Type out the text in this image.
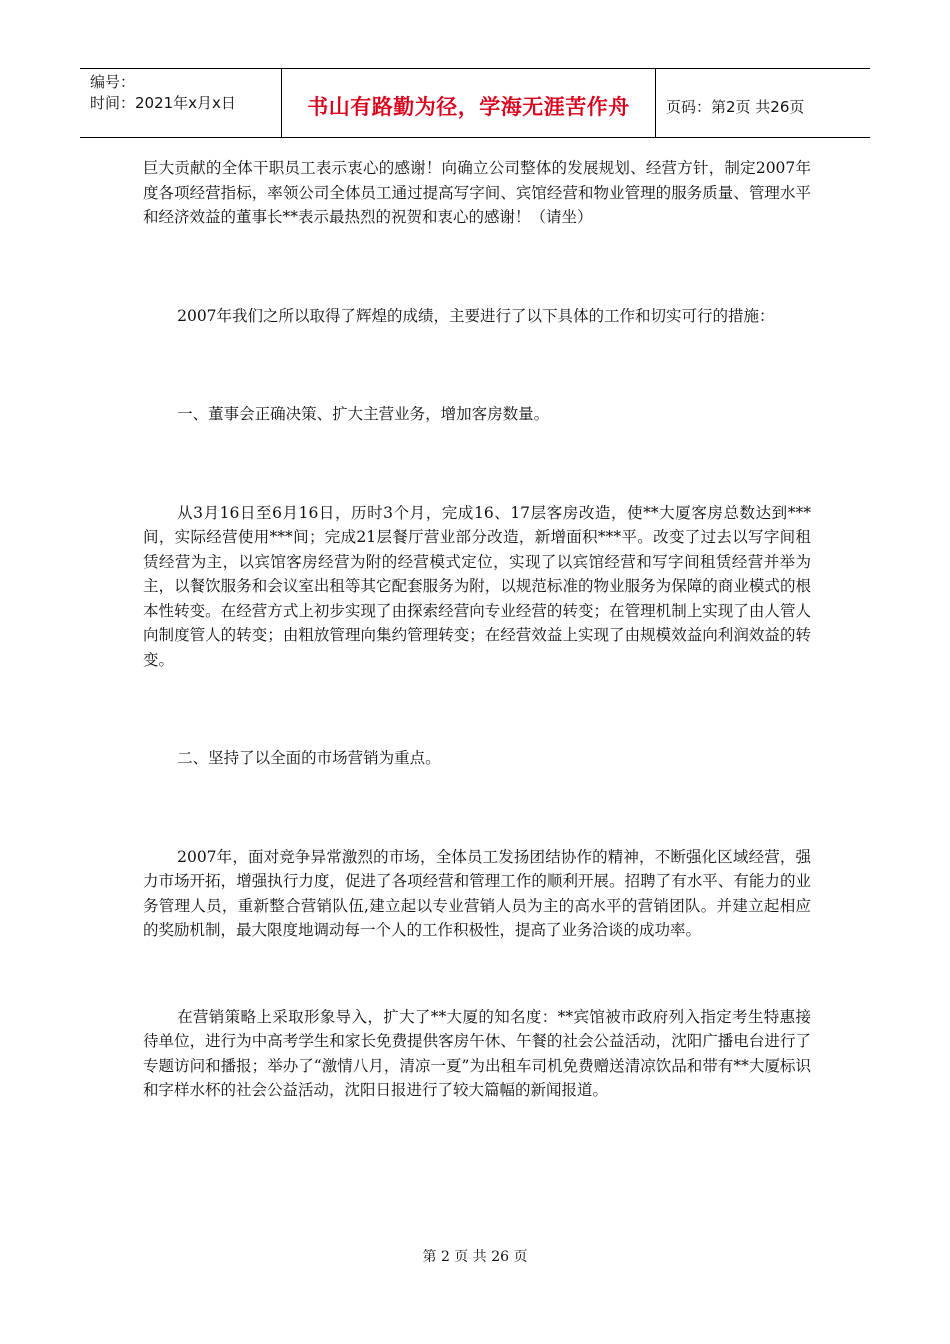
编号：
时间：2021年x月x日	书山有路勤为径，学海无涯苦作舟 页码：第2页 共26页

巨大贡献的全体干职员工表示衷心的感谢！向确立公司整体的发展规划、经营方针，制定2007年度各项经营指标，率领公司全体员工通过提高写字间、宾馆经营和物业管理的服务质量、管理水平和经济效益的董事长**表示最热烈的祝贺和衷心的感谢！（请坐）

2007年我们之所以取得了辉煌的成绩，主要进行了以下具体的工作和切实可行的措施：

一、董事会正确决策、扩大主营业务，增加客房数量。

从3月16日至6月16日，历时3个月，完成16、17层客房改造，使**大厦客房总数达到***间，实际经营使用***间；完成21层餐厅营业部分改造，新增面积***平。改变了过去以写字间租赁经营为主，以宾馆客房经营为附的经营模式定位，实现了以宾馆经营和写字间租赁经营并举为主，以餐饮服务和会议室出租等其它配套服务为附，以规范标准的物业服务为保障的商业模式的根本性转变。在经营方式上初步实现了由探索经营向专业经营的转变；在管理机制上实现了由人管人向制度管人的转变；由粗放管理向集约管理转变；在经营效益上实现了由规模效益向利润效益的转变。

二、坚持了以全面的市场营销为重点。

2007年，面对竞争异常激烈的市场，全体员工发扬团结协作的精神，不断强化区域经营，强力市场开拓，增强执行力度，促进了各项经营和管理工作的顺利开展。招聘了有水平、有能力的业务管理人员，重新整合营销队伍,建立起以专业营销人员为主的高水平的营销团队。并建立起相应的奖励机制，最大限度地调动每一个人的工作积极性，提高了业务洽谈的成功率。

在营销策略上采取形象导入，扩大了**大厦的知名度：**宾馆被市政府列入指定考生特惠接待单位，进行为中高考学生和家长免费提供客房午休、午餐的社会公益活动，沈阳广播电台进行了专题访问和播报；举办了“激情八月，清凉一夏”为出租车司机免费赠送清凉饮品和带有**大厦标识和字样水杯的社会公益活动，沈阳日报进行了较大篇幅的新闻报道。

第 2 页 共 26 页
